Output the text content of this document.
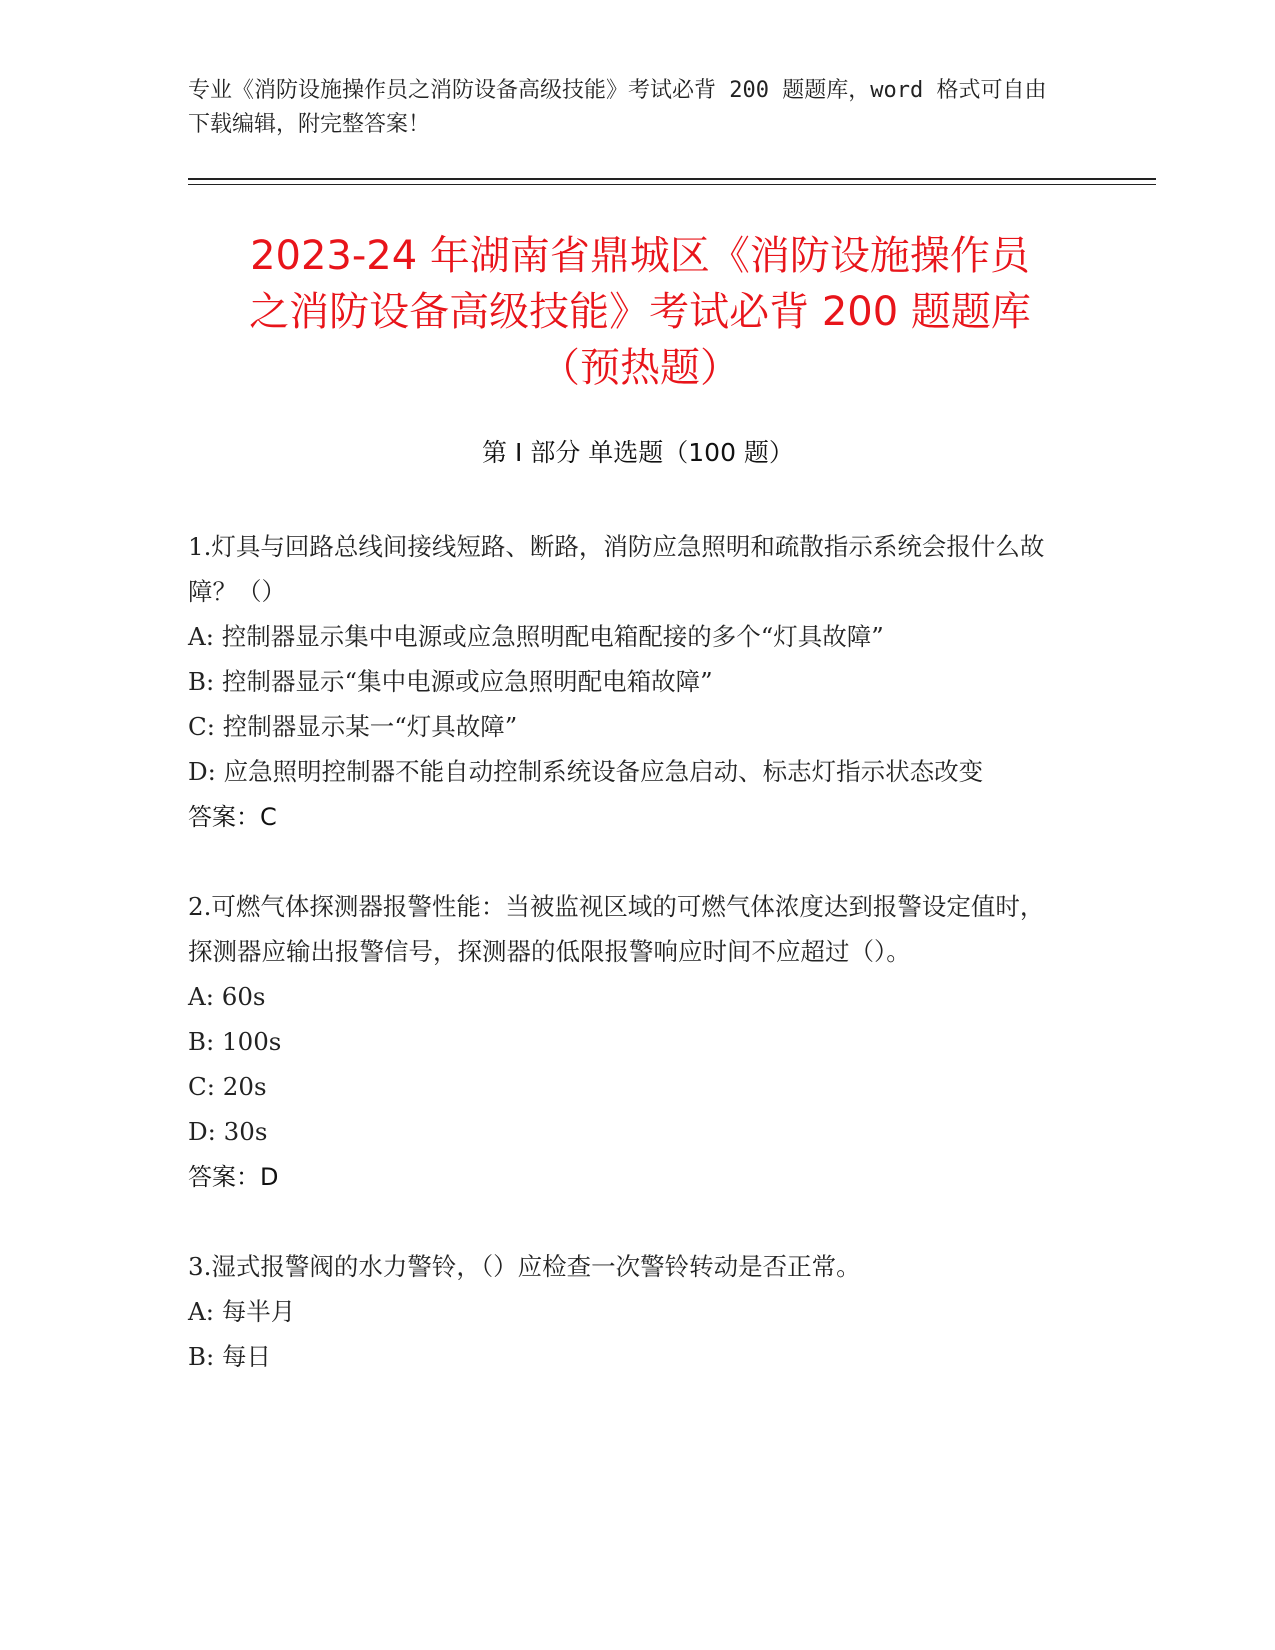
专业《消防设施操作员之消防设备高级技能》考试必背 200 题题库，word 格式可自由下载编辑，附完整答案！
2023-24 年湖南省鼎城区《消防设施操作员
之消防设备高级技能》考试必背 200 题题库
（预热题）
第 I 部分 单选题（100 题）

1.灯具与回路总线间接线短路、断路，消防应急照明和疏散指示系统会报什么故障？（）

A: 控制器显示集中电源或应急照明配电箱配接的多个“灯具故障”

B: 控制器显示“集中电源或应急照明配电箱故障”

C: 控制器显示某一“灯具故障”

D: 应急照明控制器不能自动控制系统设备应急启动、标志灯指示状态改变

答案：C

2.可燃气体探测器报警性能：当被监视区域的可燃气体浓度达到报警设定值时，探测器应输出报警信号，探测器的低限报警响应时间不应超过（）。

A: 60s

B: 100s

C: 20s

D: 30s

答案：D

3.湿式报警阀的水力警铃，（）应检查一次警铃转动是否正常。

A: 每半月

B: 每日
